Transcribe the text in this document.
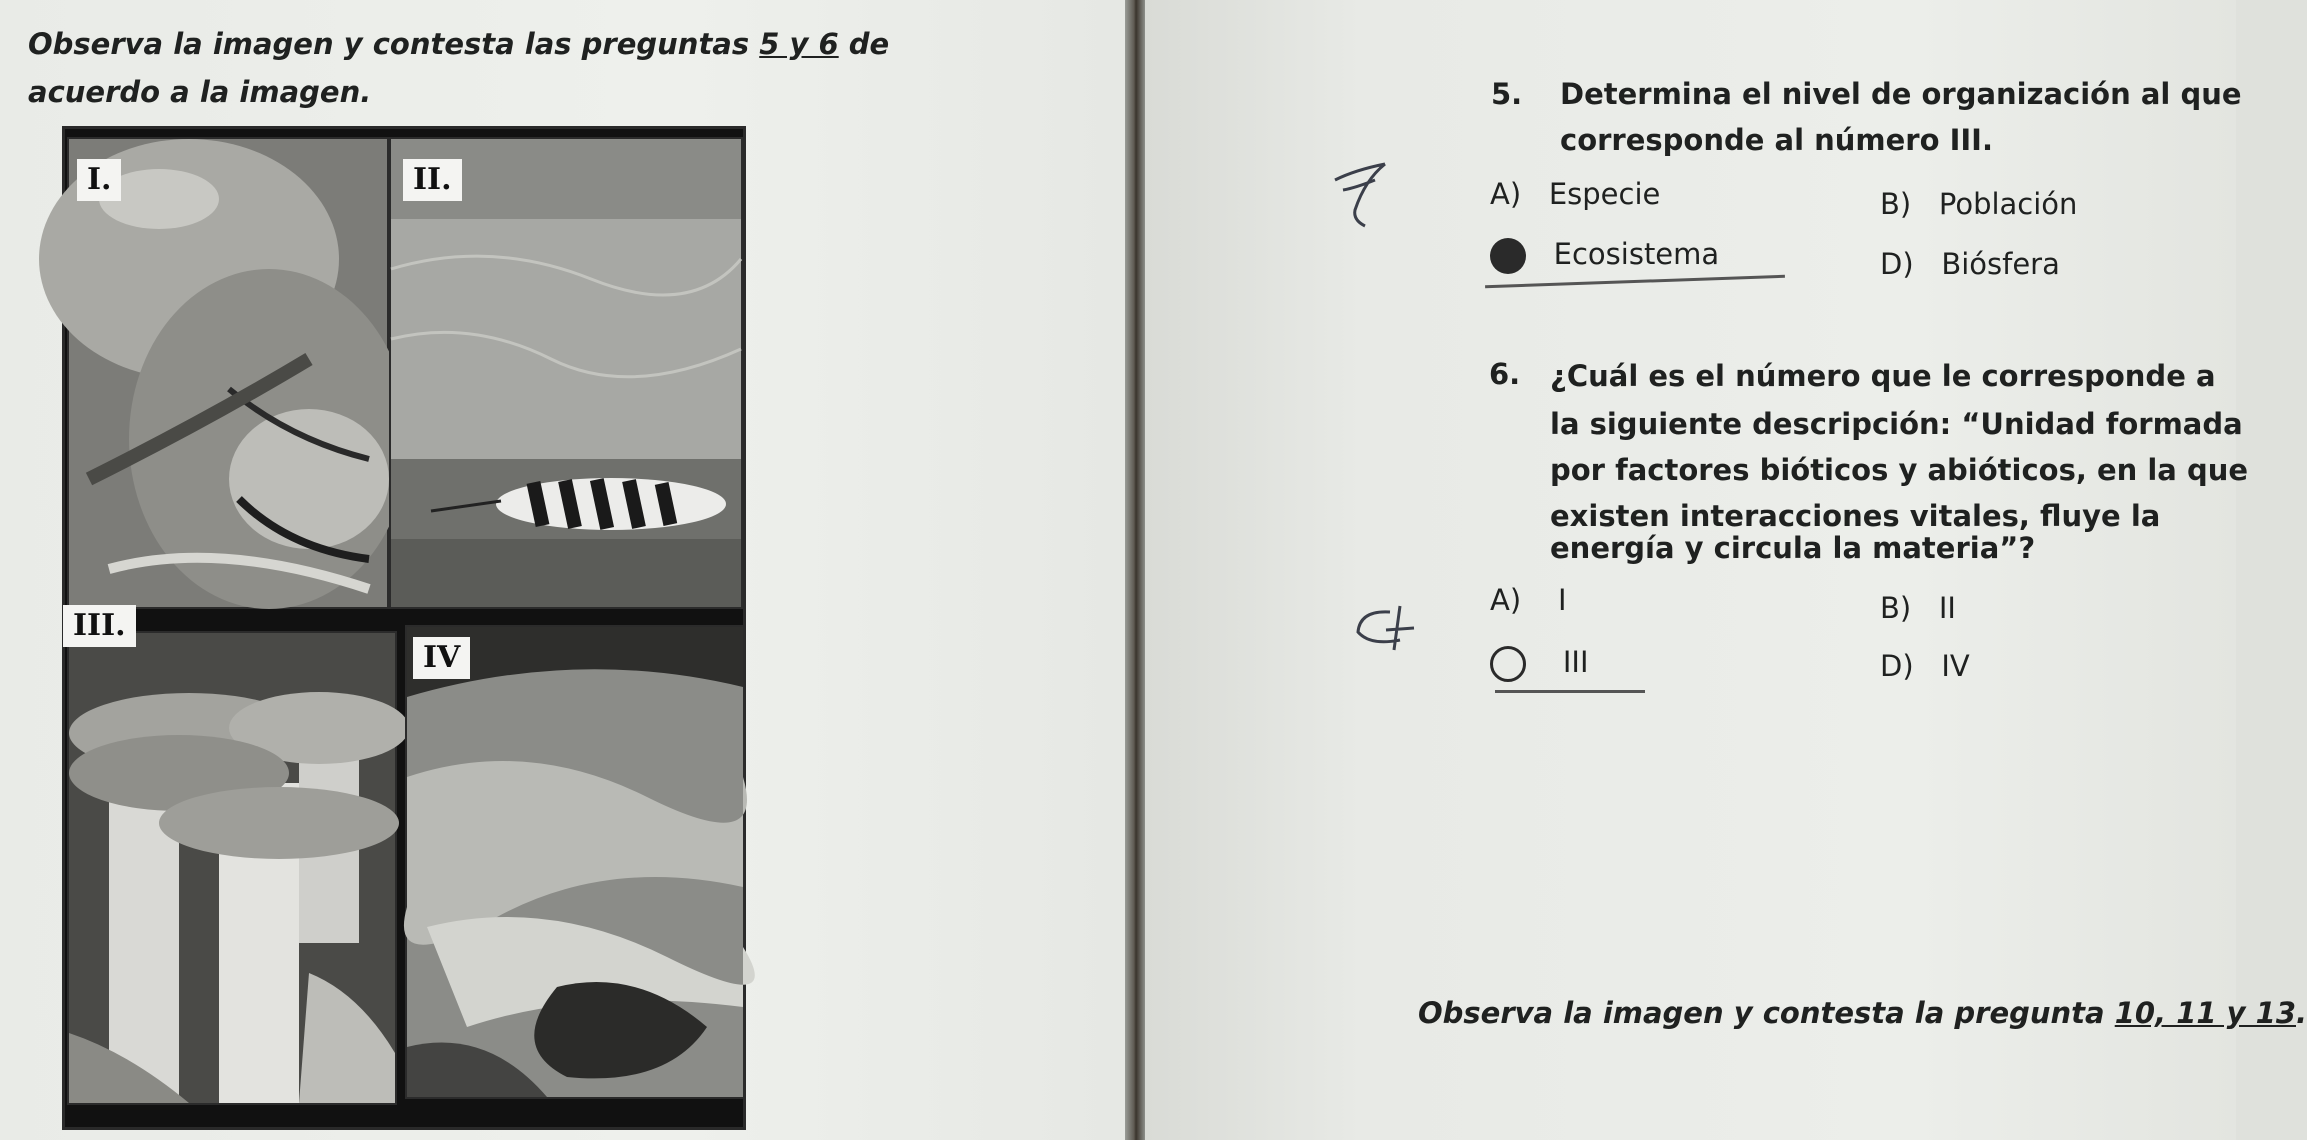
Observa la imagen y contesta las preguntas 5 y 6 de
acuerdo a la imagen.
I.	II.
III.
IV
5. Determina el nivel de organización al que
corresponde al número III.
A) Especie	B) Población
Ecosistema	D) Biósfera
6. ¿Cuál es el número que le corresponde a
la siguiente descripción: “Unidad formada
por factores bióticos y abióticos, en la que
existen interacciones vitales, fluye la
energía y circula la materia”?
A) I	B) II
III	D) IV
Observa la imagen y contesta la pregunta 10, 11 y 13.
